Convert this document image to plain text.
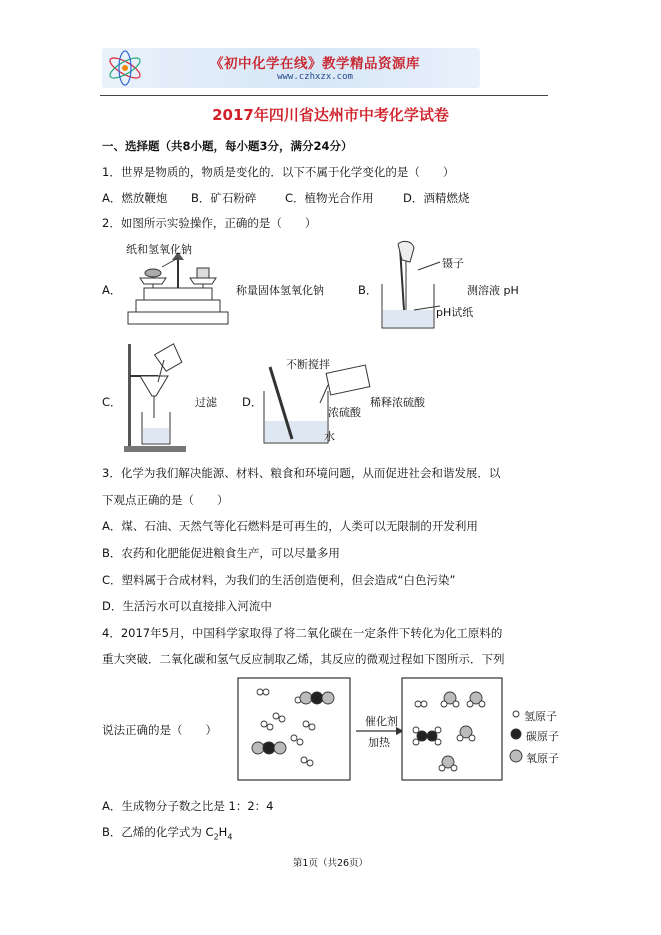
《初中化学在线》教学精品资源库
www.czhxzx.com
2017年四川省达州市中考化学试卷
一、选择题（共8小题，每小题3分，满分24分）
1．世界是物质的，物质是变化的．以下不属于化学变化的是（　　）
A．燃放鞭炮 B．矿石粉碎 C．植物光合作用	D．酒精燃烧
2．如图所示实验操作，正确的是（　　）
A．
纸和氢氧化钠
称量固体氢氧化钠	B．
镊子
pH试纸
测溶液 pH
C．	过滤 D．
不断搅拌
浓硫酸
水
稀释浓硫酸
3．化学为我们解决能源、材料、粮食和环境问题，从而促进社会和谐发展．以
下观点正确的是（　　）
A．煤、石油、天然气等化石燃料是可再生的，人类可以无限制的开发利用
B．农药和化肥能促进粮食生产，可以尽量多用
C．塑料属于合成材料，为我们的生活创造便利，但会造成“白色污染”
D．生活污水可以直接排入河流中
4．2017年5月，中国科学家取得了将二氧化碳在一定条件下转化为化工原料的
重大突破．二氧化碳和氢气反应制取乙烯，其反应的微观过程如下图所示．下列
说法正确的是（　　）
催化剂
加热
氢原子
碳原子
氧原子
A．生成物分子数之比是 1：2：4
B．乙烯的化学式为 $C_2H_4$
第1页（共26页）
